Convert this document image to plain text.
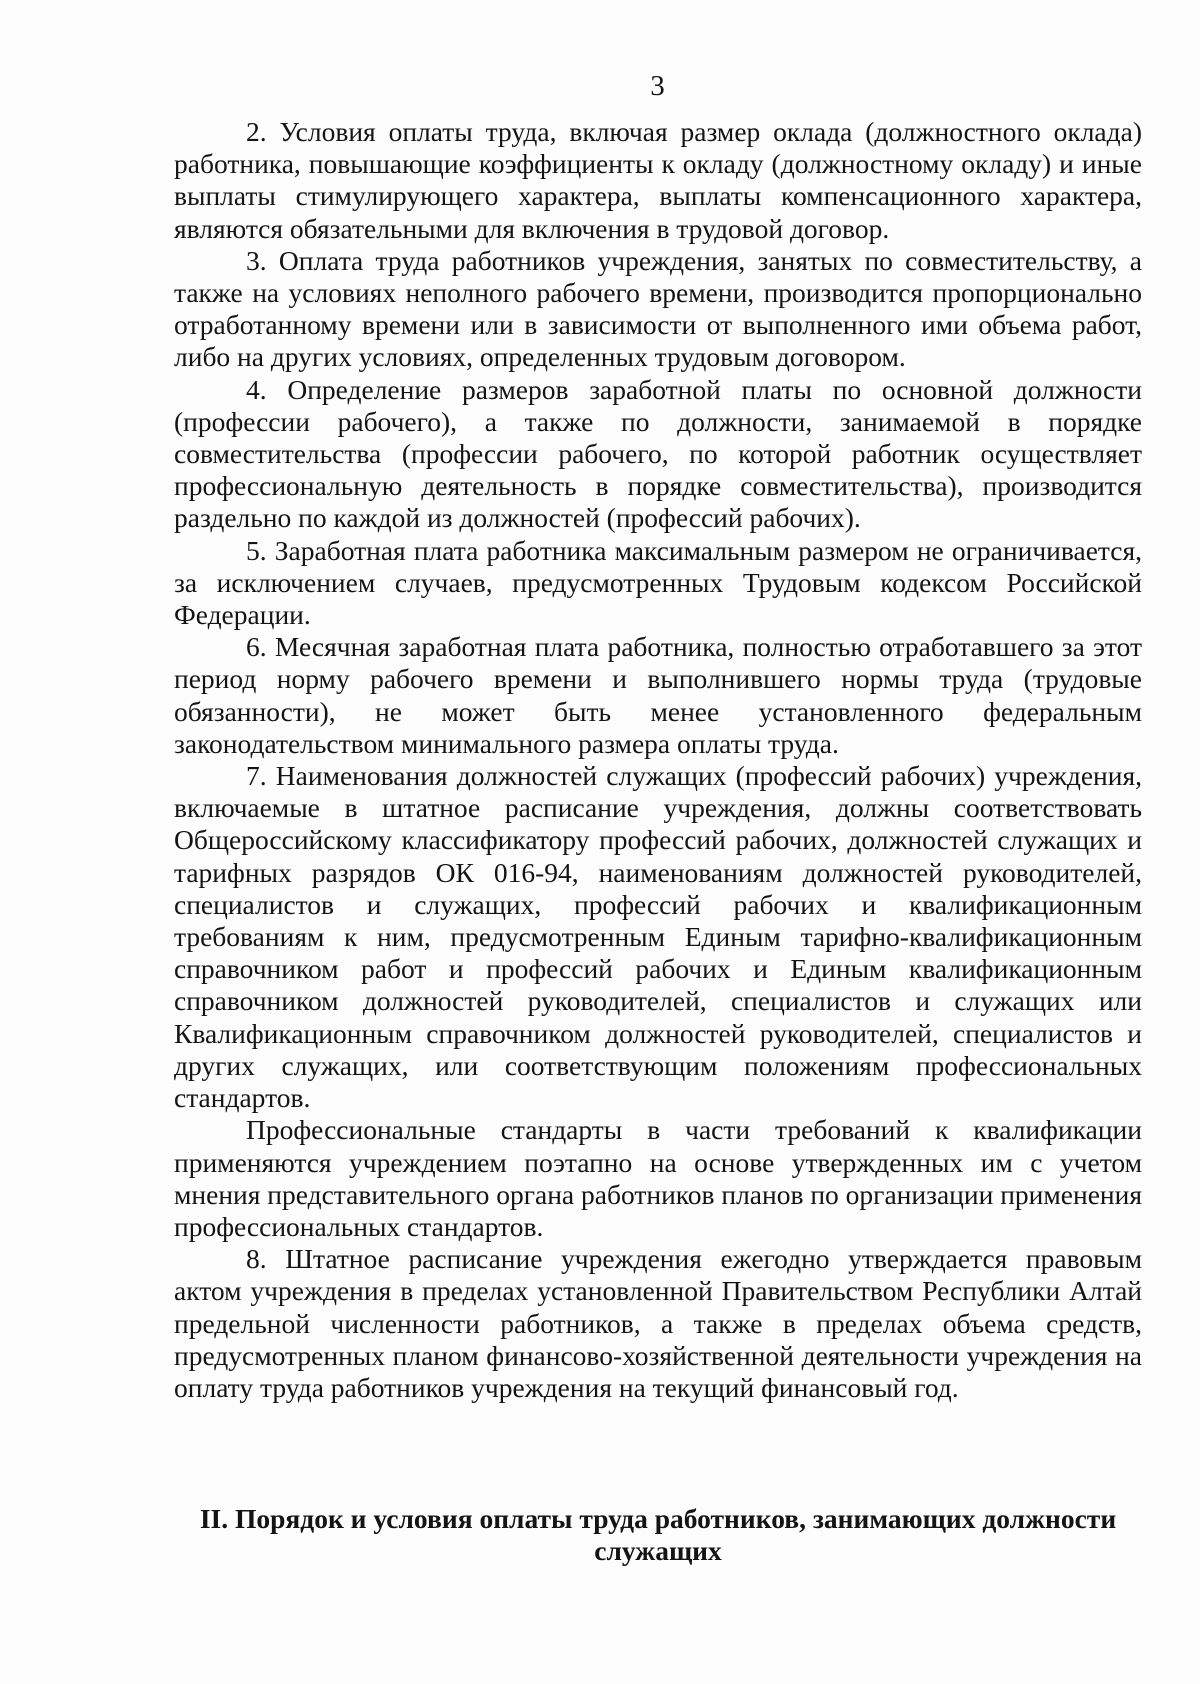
3

2. Условия оплаты труда, включая размер оклада (должностного оклада) работника, повышающие коэффициенты к окладу (должностному окладу) и иные выплаты стимулирующего характера, выплаты компенсационного характера, являются обязательными для включения в трудовой договор.

3. Оплата труда работников учреждения, занятых по совместительству, а также на условиях неполного рабочего времени, производится пропорционально отработанному времени или в зависимости от выполненного ими объема работ, либо на других условиях, определенных трудовым договором.

4. Определение размеров заработной платы по основной должности (профессии рабочего), а также по должности, занимаемой в порядке совместительства (профессии рабочего, по которой работник осуществляет профессиональную деятельность в порядке совместительства), производится раздельно по каждой из должностей (профессий рабочих).

5. Заработная плата работника максимальным размером не ограничивается, за исключением случаев, предусмотренных Трудовым кодексом Российской Федерации.

6. Месячная заработная плата работника, полностью отработавшего за этот период норму рабочего времени и выполнившего нормы труда (трудовые обязанности), не может быть менее установленного федеральным законодательством минимального размера оплаты труда.

7. Наименования должностей служащих (профессий рабочих) учреждения, включаемые в штатное расписание учреждения, должны соответствовать Общероссийскому классификатору профессий рабочих, должностей служащих и тарифных разрядов ОК 016-94, наименованиям должностей руководителей, специалистов и служащих, профессий рабочих и квалификационным требованиям к ним, предусмотренным Единым тарифно-квалификационным справочником работ и профессий рабочих и Единым квалификационным справочником должностей руководителей, специалистов и служащих или Квалификационным справочником должностей руководителей, специалистов и других служащих, или соответствующим положениям профессиональных стандартов.

Профессиональные стандарты в части требований к квалификации применяются учреждением поэтапно на основе утвержденных им с учетом мнения представительного органа работников планов по организации применения профессиональных стандартов.

8. Штатное расписание учреждения ежегодно утверждается правовым актом учреждения в пределах установленной Правительством Республики Алтай предельной численности работников, а также в пределах объема средств, предусмотренных планом финансово-хозяйственной деятельности учреждения на оплату труда работников учреждения на текущий финансовый год.

II. Порядок и условия оплаты труда работников, занимающих должности служащих
